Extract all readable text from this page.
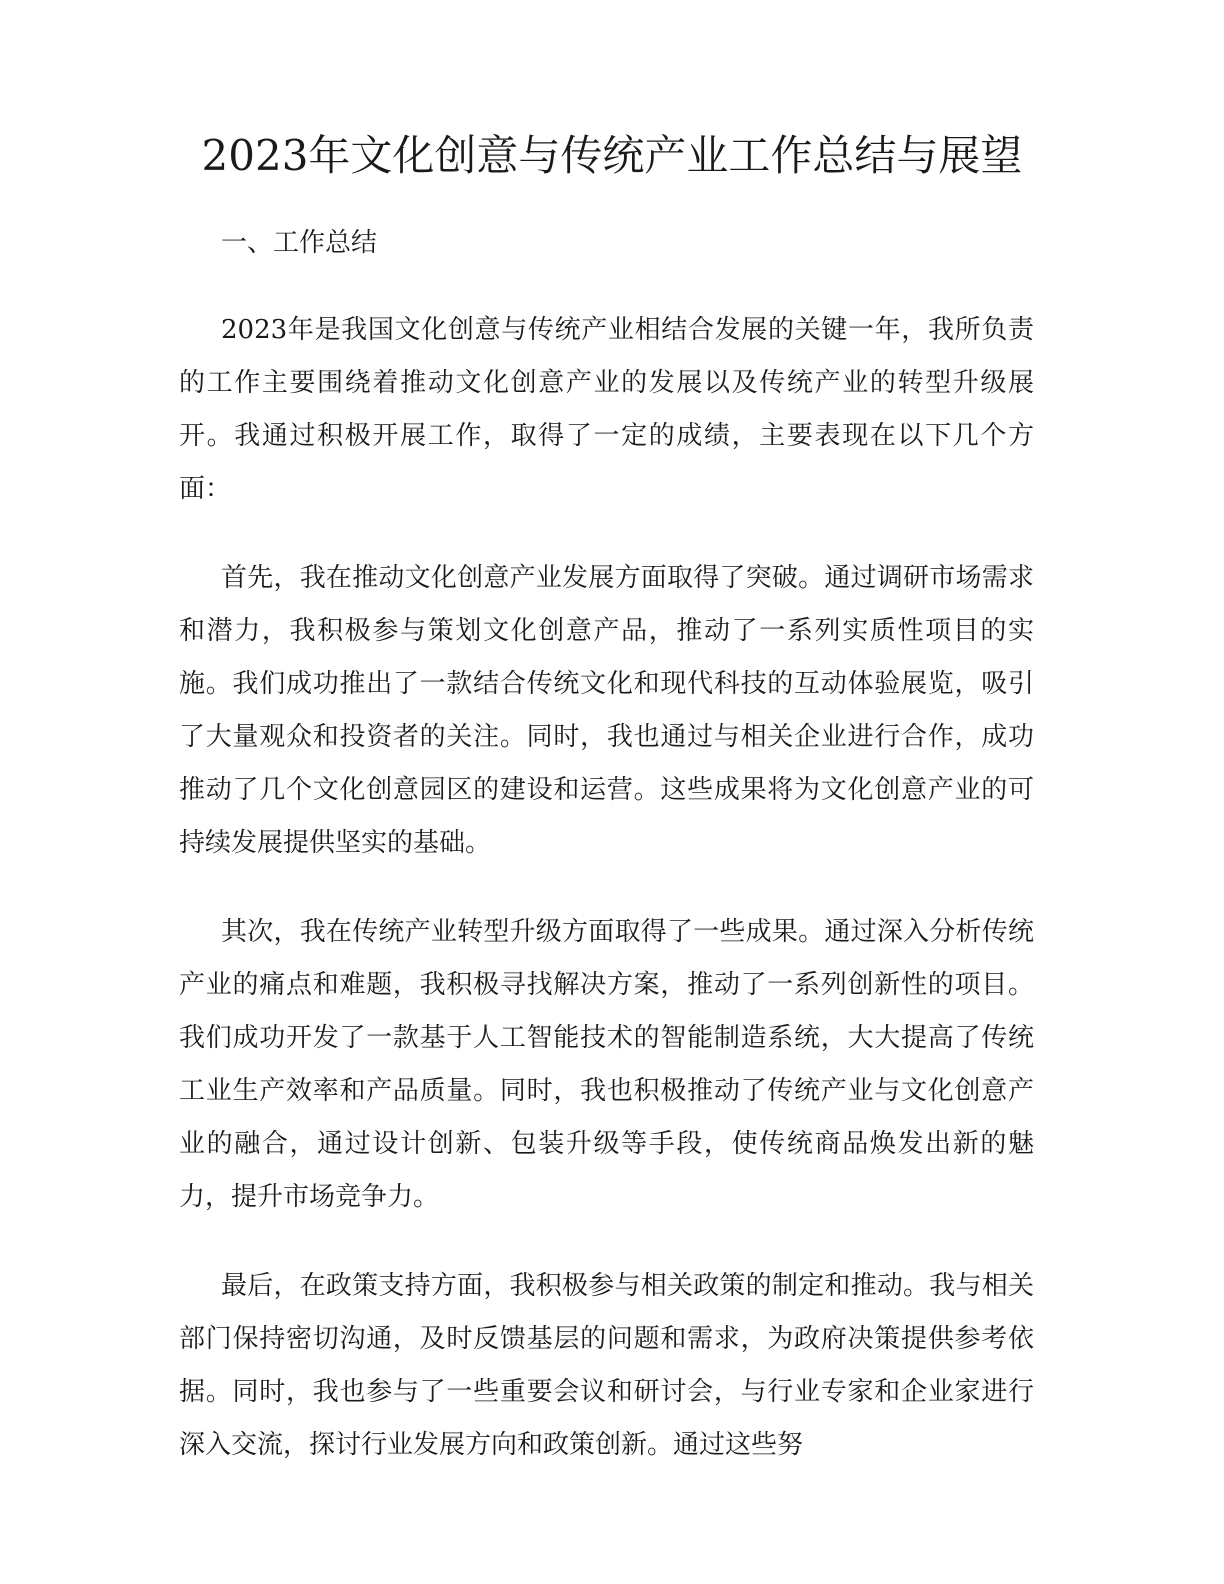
2023年文化创意与传统产业工作总结与展望

一、工作总结

2023年是我国文化创意与传统产业相结合发展的关键一年，我所负责的工作主要围绕着推动文化创意产业的发展以及传统产业的转型升级展开。我通过积极开展工作，取得了一定的成绩，主要表现在以下几个方面：

首先，我在推动文化创意产业发展方面取得了突破。通过调研市场需求和潜力，我积极参与策划文化创意产品，推动了一系列实质性项目的实施。我们成功推出了一款结合传统文化和现代科技的互动体验展览，吸引了大量观众和投资者的关注。同时，我也通过与相关企业进行合作，成功推动了几个文化创意园区的建设和运营。这些成果将为文化创意产业的可持续发展提供坚实的基础。

其次，我在传统产业转型升级方面取得了一些成果。通过深入分析传统产业的痛点和难题，我积极寻找解决方案，推动了一系列创新性的项目。我们成功开发了一款基于人工智能技术的智能制造系统，大大提高了传统工业生产效率和产品质量。同时，我也积极推动了传统产业与文化创意产业的融合，通过设计创新、包装升级等手段，使传统商品焕发出新的魅力，提升市场竞争力。

最后，在政策支持方面，我积极参与相关政策的制定和推动。我与相关部门保持密切沟通，及时反馈基层的问题和需求，为政府决策提供参考依据。同时，我也参与了一些重要会议和研讨会，与行业专家和企业家进行深入交流，探讨行业发展方向和政策创新。通过这些努
